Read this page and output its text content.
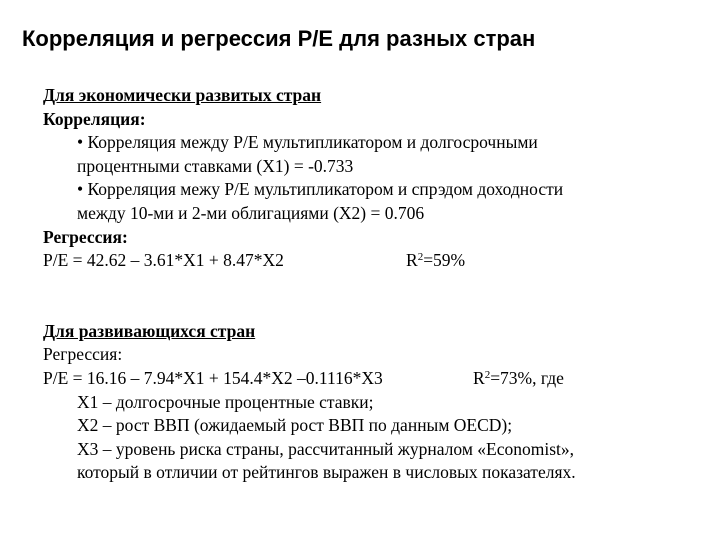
Корреляция и регрессия Р/Е для разных стран
Для экономически развитых стран
Корреляция:
• Корреляция между Р/Е мультипликатором и долгосрочными
процентными ставками (Х1) = -0.733
• Корреляция межу Р/Е мультипликатором и спрэдом доходности
между 10-ми и 2-ми облигациями (Х2) = 0.706
Регрессия:
Р/Е = 42.62 – 3.61*Х1 + 8.47*Х2	$R^2=59\%$
Для развивающихся стран
Регрессия:
Р/Е = 16.16 – 7.94*Х1 + 154.4*Х2 –0.1116*Х3	$R^2=73\%$, где
Х1 – долгосрочные процентные ставки;
Х2 – рост ВВП (ожидаемый рост ВВП по данным OECD);
Х3 – уровень риска страны, рассчитанный журналом «Economist»,
который в отличии от рейтингов выражен в числовых показателях.
